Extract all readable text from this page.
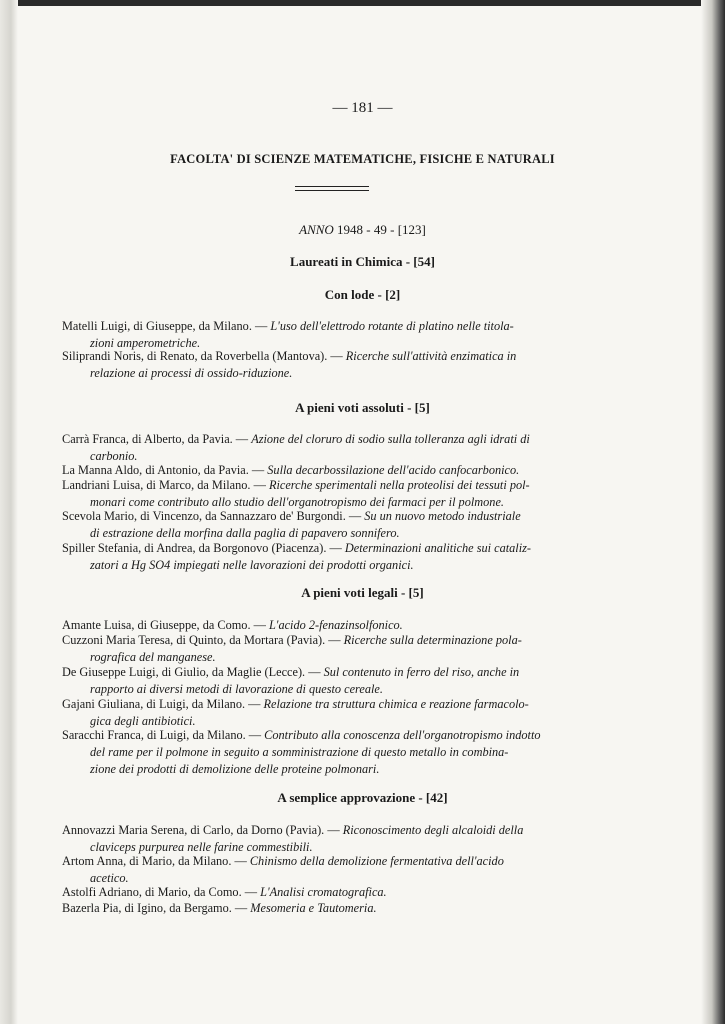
— 181 —
FACOLTA' DI SCIENZE MATEMATICHE, FISICHE E NATURALI
ANNO 1948 - 49 - [123]
Laureati in Chimica - [54]
Con lode - [2]
Matelli Luigi, di Giuseppe, da Milano. — L'uso dell'elettrodo rotante di platino nelle titola-
zioni amperometriche.
Siliprandi Noris, di Renato, da Roverbella (Mantova). — Ricerche sull'attività enzimatica in
relazione ai processi di ossido-riduzione.
A pieni voti assoluti - [5]
Carrà Franca, di Alberto, da Pavia. — Azione del cloruro di sodio sulla tolleranza agli idrati di
carbonio.
La Manna Aldo, di Antonio, da Pavia. — Sulla decarbossilazione dell'acido canfocarbonico.
Landriani Luisa, di Marco, da Milano. — Ricerche sperimentali nella proteolisi dei tessuti pol-
monari come contributo allo studio dell'organotropismo dei farmaci per il polmone.
Scevola Mario, di Vincenzo, da Sannazzaro de' Burgondi. — Su un nuovo metodo industriale
di estrazione della morfina dalla paglia di papavero sonnifero.
Spiller Stefania, di Andrea, da Borgonovo (Piacenza). — Determinazioni analitiche sui cataliz-
zatori a Hg SO4 impiegati nelle lavorazioni dei prodotti organici.
A pieni voti legali - [5]
Amante Luisa, di Giuseppe, da Como. — L'acido 2-fenazinsolfonico.
Cuzzoni Maria Teresa, di Quinto, da Mortara (Pavia). — Ricerche sulla determinazione pola-
rografica del manganese.
De Giuseppe Luigi, di Giulio, da Maglie (Lecce). — Sul contenuto in ferro del riso, anche in
rapporto ai diversi metodi di lavorazione di questo cereale.
Gajani Giuliana, di Luigi, da Milano. — Relazione tra struttura chimica e reazione farmacolo-
gica degli antibiotici.
Saracchi Franca, di Luigi, da Milano. — Contributo alla conoscenza dell'organotropismo indotto
del rame per il polmone in seguito a somministrazione di questo metallo in combina-
zione dei prodotti di demolizione delle proteine polmonari.
A semplice approvazione - [42]
Annovazzi Maria Serena, di Carlo, da Dorno (Pavia). — Riconoscimento degli alcaloidi della
claviceps purpurea nelle farine commestibili.
Artom Anna, di Mario, da Milano. — Chinismo della demolizione fermentativa dell'acido
acetico.
Astolfi Adriano, di Mario, da Como. — L'Analisi cromatografica.
Bazerla Pia, di Igino, da Bergamo. — Mesomeria e Tautomeria.
